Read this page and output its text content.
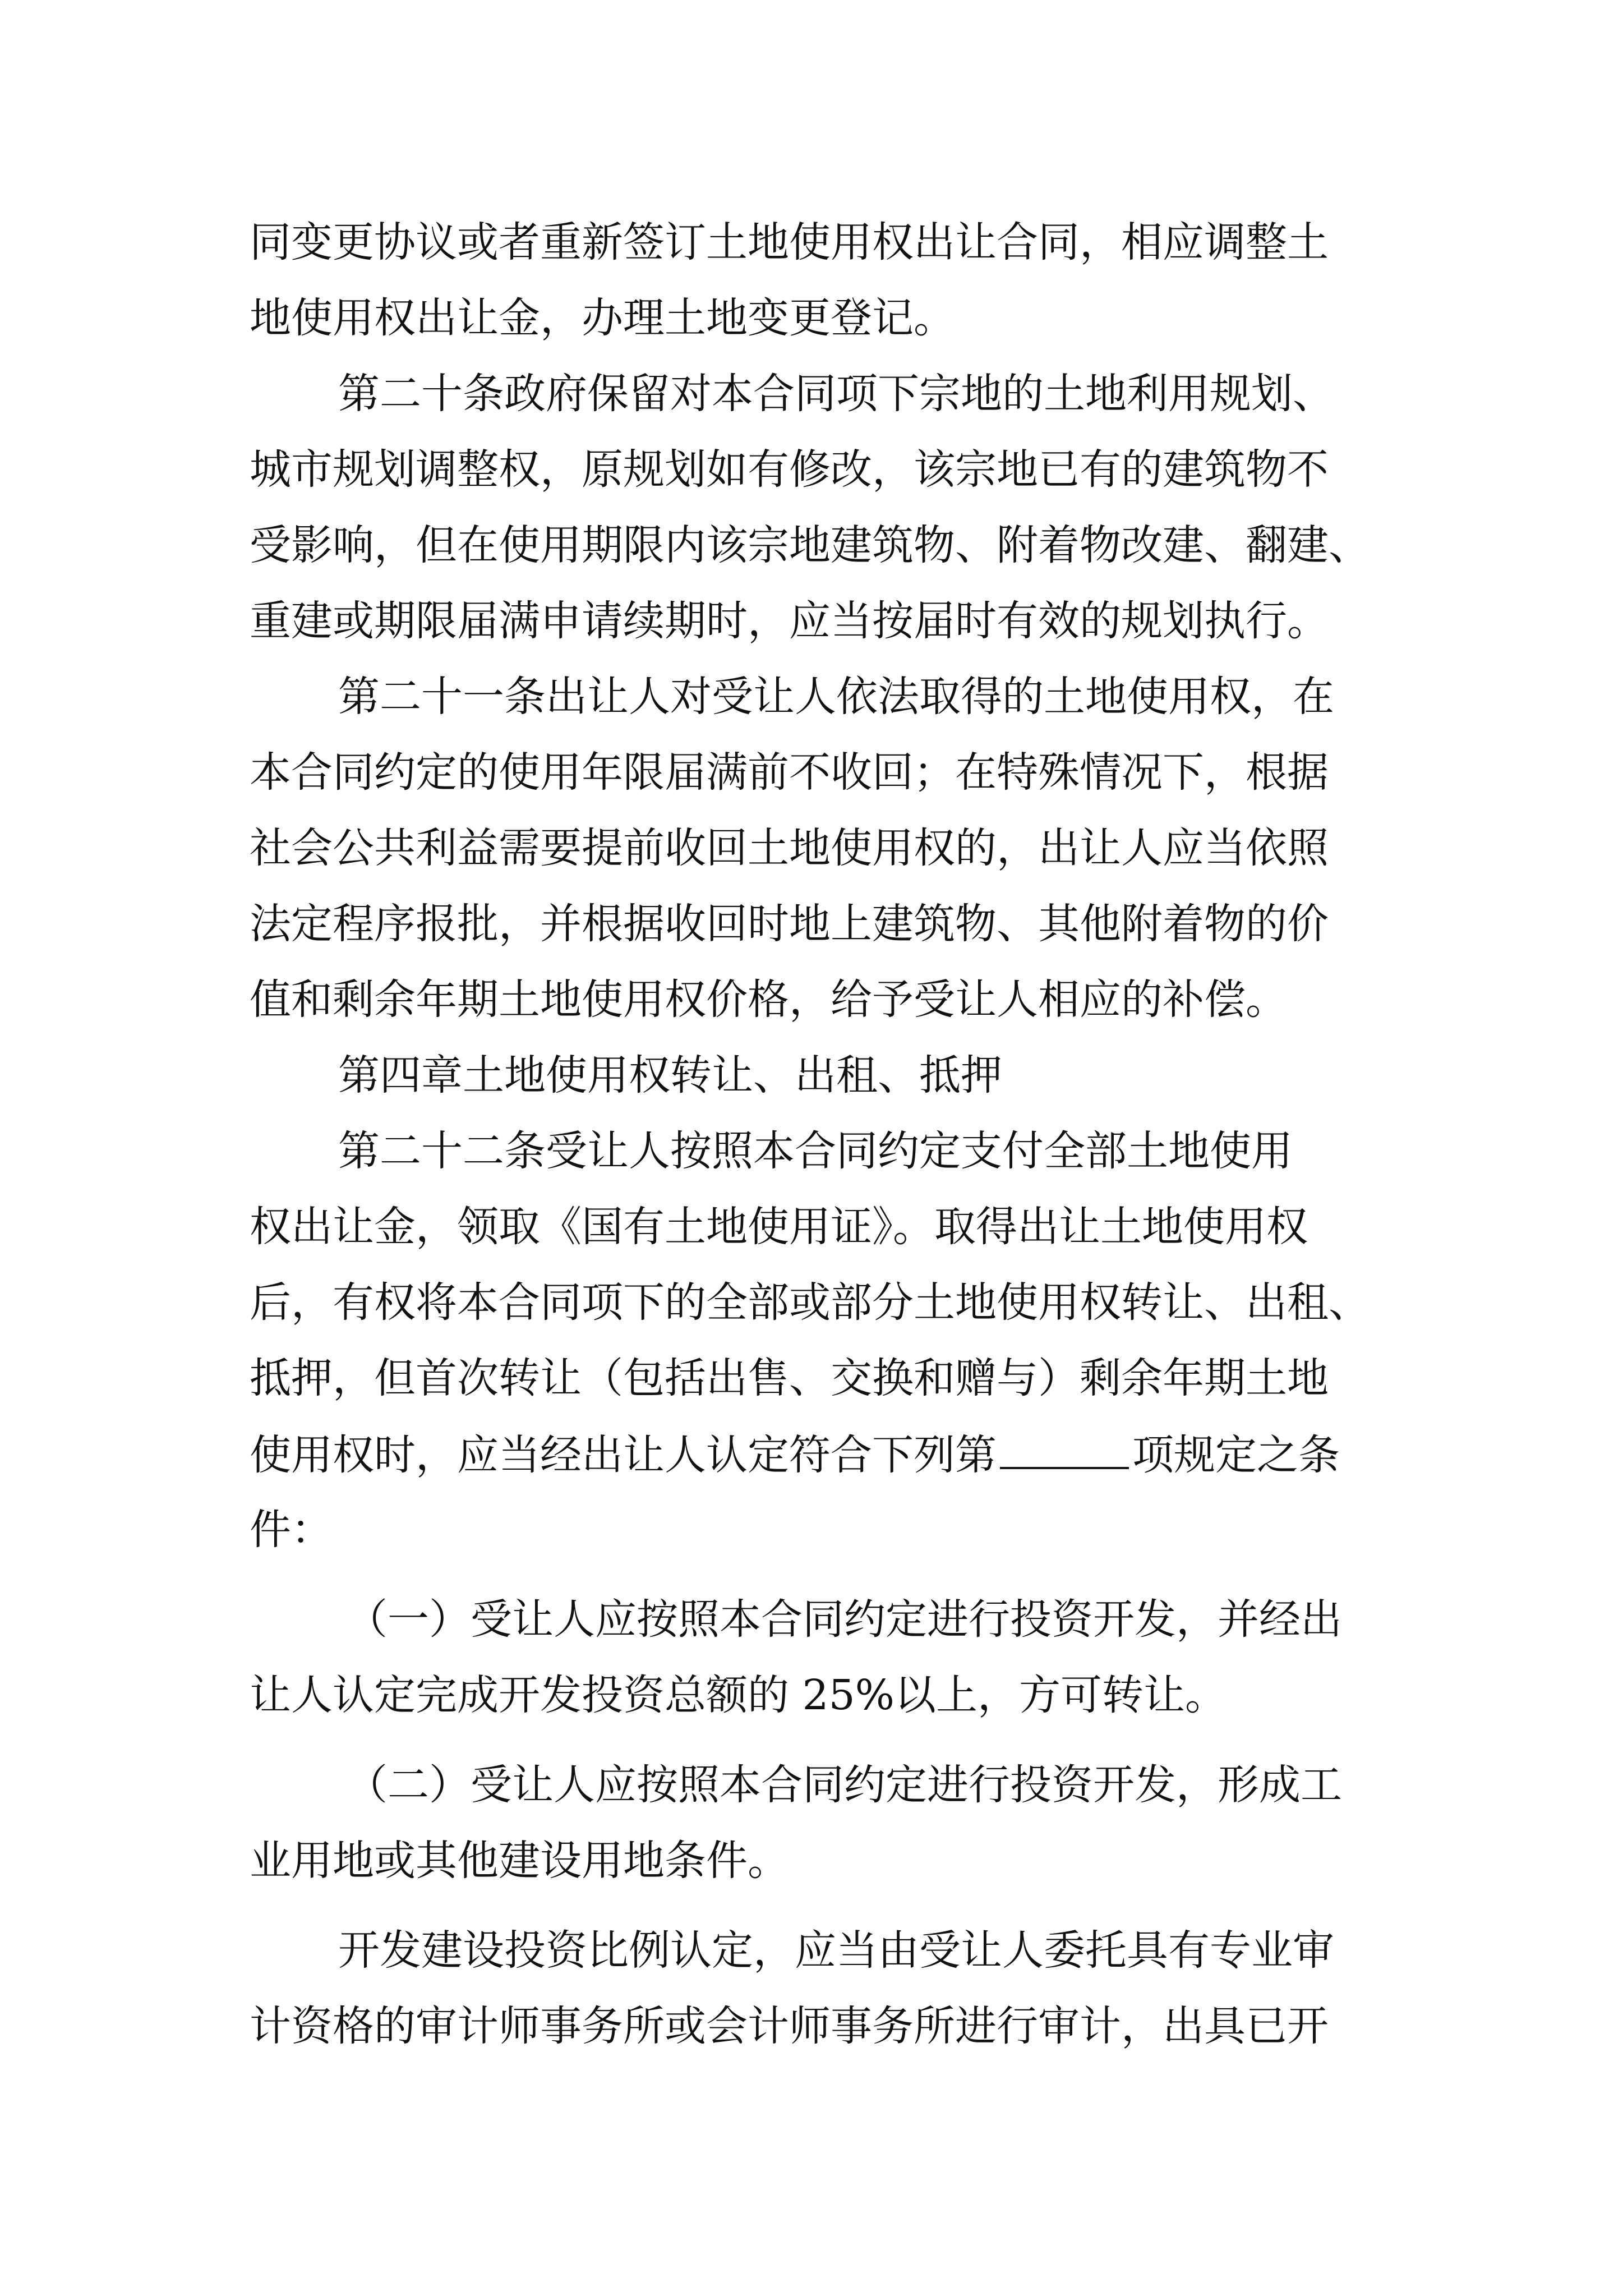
同变更协议或者重新签订土地使用权出让合同，相应调整土
地使用权出让金，办理土地变更登记。
第二十条政府保留对本合同项下宗地的土地利用规划、
城市规划调整权，原规划如有修改，该宗地已有的建筑物不
受影响，但在使用期限内该宗地建筑物、附着物改建、翻建、
重建或期限届满申请续期时，应当按届时有效的规划执行。
第二十一条出让人对受让人依法取得的土地使用权，在
本合同约定的使用年限届满前不收回；在特殊情况下，根据
社会公共利益需要提前收回土地使用权的，出让人应当依照
法定程序报批，并根据收回时地上建筑物、其他附着物的价
值和剩余年期土地使用权价格，给予受让人相应的补偿。
第四章土地使用权转让、出租、抵押
第二十二条受让人按照本合同约定支付全部土地使用
权出让金，领取《国有土地使用证》。取得出让土地使用权
后，有权将本合同项下的全部或部分土地使用权转让、出租、
抵押，但首次转让（包括出售、交换和赠与）剩余年期土地
使用权时，应当经出让人认定符合下列第	项规定之条
件：
（一）受让人应按照本合同约定进行投资开发，并经出
让人认定完成开发投资总额的 25%以上，方可转让。
（二）受让人应按照本合同约定进行投资开发，形成工
业用地或其他建设用地条件。
开发建设投资比例认定，应当由受让人委托具有专业审
计资格的审计师事务所或会计师事务所进行审计，出具已开
